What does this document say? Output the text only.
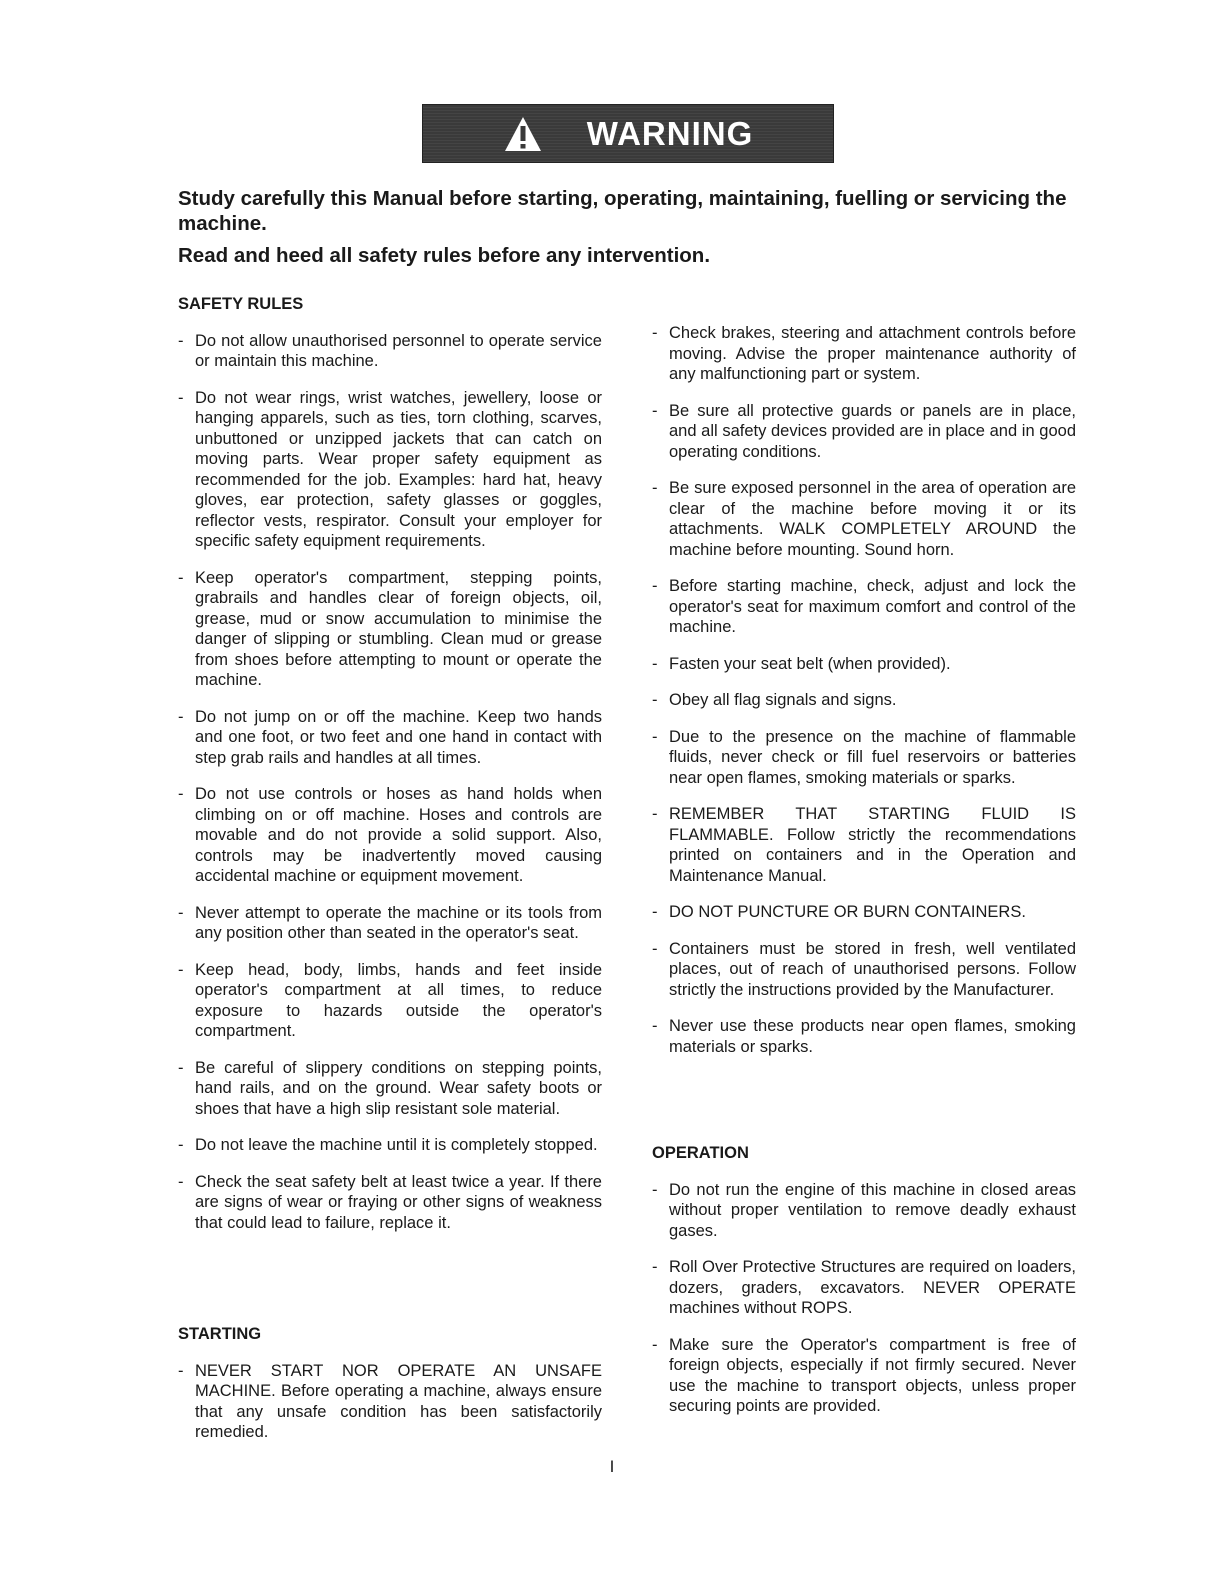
WARNING

Study carefully this Manual before starting, operating, maintaining, fuelling or servicing the machine.

Read and heed all safety rules before any intervention.

SAFETY RULES
- Do not allow unauthorised personnel to operate service or maintain this machine.
- Do not wear rings, wrist watches, jewellery, loose or hanging apparels, such as ties, torn clothing, scarves, unbuttoned or unzipped jackets that can catch on moving parts. Wear proper safety equipment as recommended for the job. Examples: hard hat, heavy gloves, ear protection, safety glasses or goggles, reflector vests, respirator. Consult your employer for specific safety equipment requirements.
- Keep operator's compartment, stepping points, grabrails and handles clear of foreign objects, oil, grease, mud or snow accumulation to minimise the danger of slipping or stumbling. Clean mud or grease from shoes before attempting to mount or operate the machine.
- Do not jump on or off the machine. Keep two hands and one foot, or two feet and one hand in contact with step grab rails and handles at all times.
- Do not use controls or hoses as hand holds when climbing on or off machine. Hoses and controls are movable and do not provide a solid support. Also, controls may be inadvertently moved causing accidental machine or equipment movement.
- Never attempt to operate the machine or its tools from any position other than seated in the operator's seat.
- Keep head, body, limbs, hands and feet inside operator's compartment at all times, to reduce exposure to hazards outside the operator's compartment.
- Be careful of slippery conditions on stepping points, hand rails, and on the ground. Wear safety boots or shoes that have a high slip resistant sole material.
- Do not leave the machine until it is completely stopped.
- Check the seat safety belt at least twice a year. If there are signs of wear or fraying or other signs of weakness that could lead to failure, replace it.
STARTING
- NEVER START NOR OPERATE AN UNSAFE MACHINE. Before operating a machine, always ensure that any unsafe condition has been satisfactorily remedied.
- Check brakes, steering and attachment controls before moving. Advise the proper maintenance authority of any malfunctioning part or system.
- Be sure all protective guards or panels are in place, and all safety devices provided are in place and in good operating conditions.
- Be sure exposed personnel in the area of operation are clear of the machine before moving it or its attachments. WALK COMPLETELY AROUND the machine before mounting. Sound horn.
- Before starting machine, check, adjust and lock the operator's seat for maximum comfort and control of the machine.
- Fasten your seat belt (when provided).
- Obey all flag signals and signs.
- Due to the presence on the machine of flammable fluids, never check or fill fuel reservoirs or batteries near open flames, smoking materials or sparks.
- REMEMBER THAT STARTING FLUID IS FLAMMABLE. Follow strictly the recommendations printed on containers and in the Operation and Maintenance Manual.
- DO NOT PUNCTURE OR BURN CONTAINERS.
- Containers must be stored in fresh, well ventilated places, out of reach of unauthorised persons. Follow strictly the instructions provided by the Manufacturer.
- Never use these products near open flames, smoking materials or sparks.
OPERATION
- Do not run the engine of this machine in closed areas without proper ventilation to remove deadly exhaust gases.
- Roll Over Protective Structures are required on loaders, dozers, graders, excavators. NEVER OPERATE machines without ROPS.
- Make sure the Operator's compartment is free of foreign objects, especially if not firmly secured. Never use the machine to transport objects, unless proper securing points are provided.
I
